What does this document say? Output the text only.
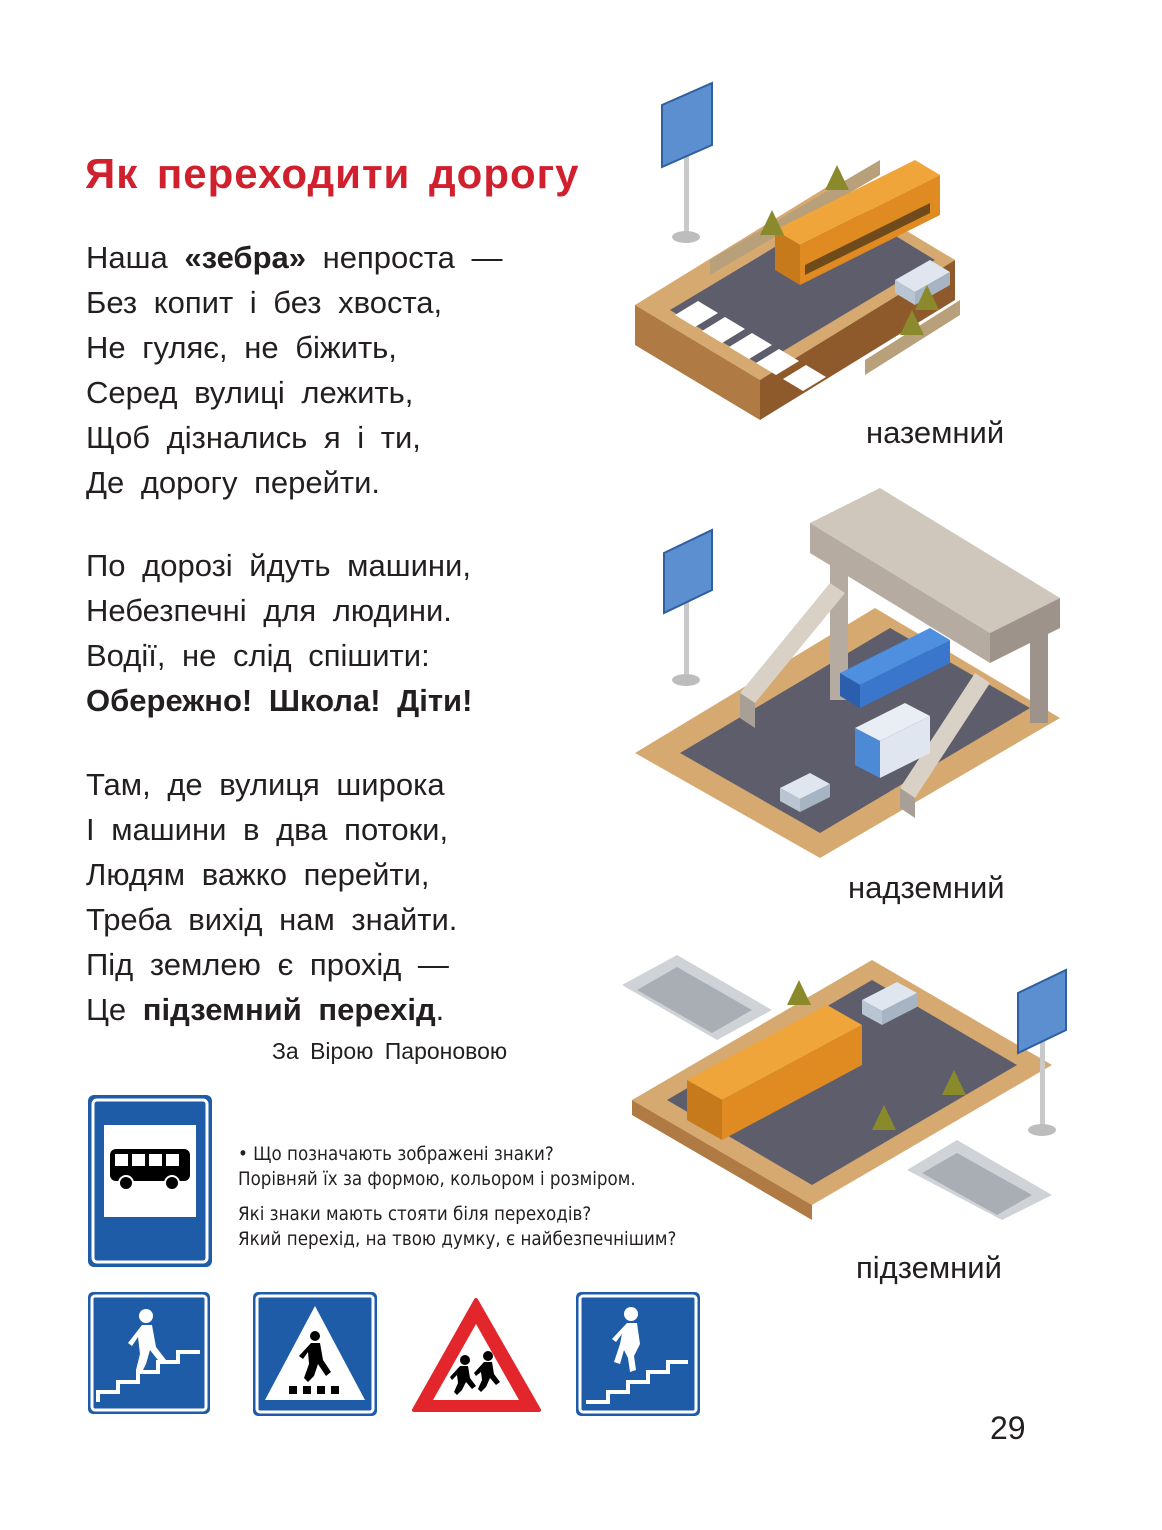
Як переходити дорогу
Наша «зебра» непроста —
Без копит і без хвоста,
Не гуляє, не біжить,
Серед вулиці лежить,
Щоб дізнались я і ти,
Де дорогу перейти.
По дорозі йдуть машини,
Небезпечні для людини.
Водії, не слід спішити:
Обережно! Школа! Діти!
Там, де вулиця широка
І машини в два потоки,
Людям важко перейти,
Треба вихід нам знайти.
Під землею є прохід —
Це підземний перехід.
За Вірою Пароновою
наземний
надземний
підземний

• Що позначають зображені знаки?
Порівняй їх за формою, кольором і розміром.

Які знаки мають стояти біля переходів?
Який перехід, на твою думку, є найбезпечнішим?

29
